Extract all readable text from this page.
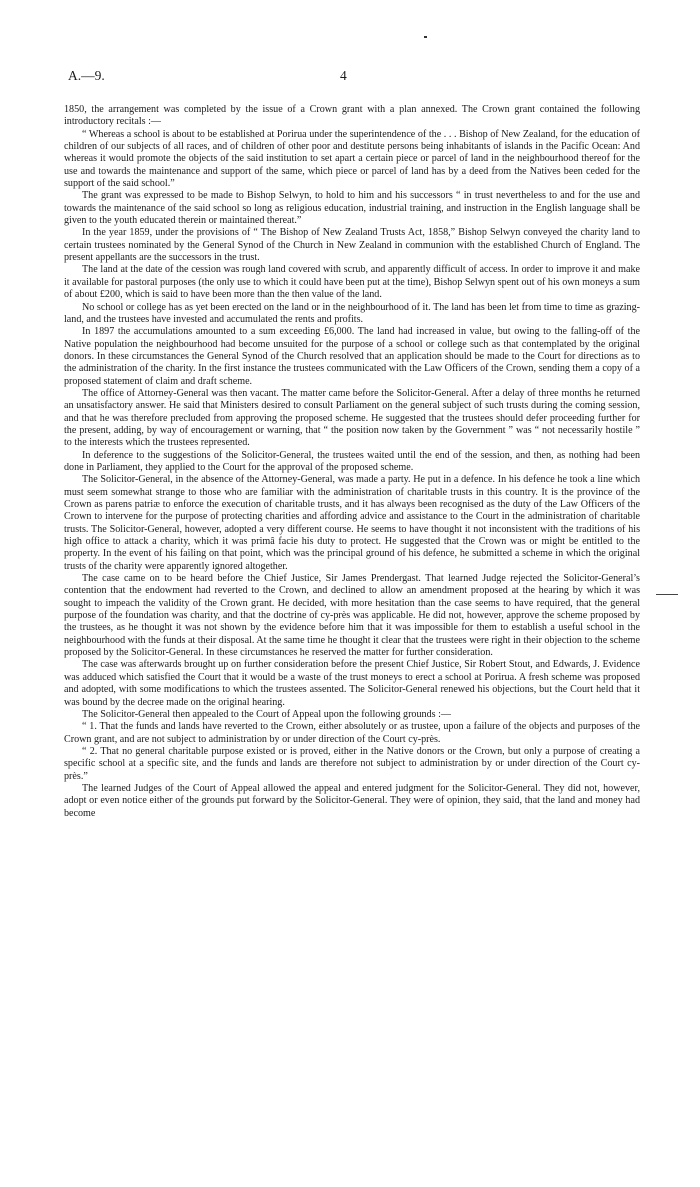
A.—9.	4

1850, the arrangement was completed by the issue of a Crown grant with a plan annexed. The Crown grant contained the following introductory recitals :—

“ Whereas a school is about to be established at Porirua under the superintendence of the . . . Bishop of New Zealand, for the education of children of our subjects of all races, and of children of other poor and destitute persons being inhabitants of islands in the Pacific Ocean: And whereas it would promote the objects of the said institution to set apart a certain piece or parcel of land in the neighbourhood thereof for the use and towards the maintenance and support of the same, which piece or parcel of land has by a deed from the Natives been ceded for the support of the said school.”

The grant was expressed to be made to Bishop Selwyn, to hold to him and his successors “ in trust nevertheless to and for the use and towards the maintenance of the said school so long as religious education, industrial training, and instruction in the English language shall be given to the youth educated therein or maintained thereat.”

In the year 1859, under the provisions of “ The Bishop of New Zealand Trusts Act, 1858,” Bishop Selwyn conveyed the charity land to certain trustees nominated by the General Synod of the Church in New Zealand in communion with the established Church of England. The present appellants are the successors in the trust.

The land at the date of the cession was rough land covered with scrub, and apparently difficult of access. In order to improve it and make it available for pastoral purposes (the only use to which it could have been put at the time), Bishop Selwyn spent out of his own moneys a sum of about £200, which is said to have been more than the then value of the land.

No school or college has as yet been erected on the land or in the neighbourhood of it. The land has been let from time to time as grazing-land, and the trustees have invested and accumulated the rents and profits.

In 1897 the accumulations amounted to a sum exceeding £6,000. The land had increased in value, but owing to the falling-off of the Native population the neighbourhood had become unsuited for the purpose of a school or college such as that contemplated by the original donors. In these circumstances the General Synod of the Church resolved that an application should be made to the Court for directions as to the administration of the charity. In the first instance the trustees communicated with the Law Officers of the Crown, sending them a copy of a proposed statement of claim and draft scheme.

The office of Attorney-General was then vacant. The matter came before the Solicitor-General. After a delay of three months he returned an unsatisfactory answer. He said that Ministers desired to consult Parliament on the general subject of such trusts during the coming session, and that he was therefore precluded from approving the proposed scheme. He suggested that the trustees should defer proceeding further for the present, adding, by way of encouragement or warning, that “ the position now taken by the Government ” was “ not necessarily hostile ” to the interests which the trustees represented.

In deference to the suggestions of the Solicitor-General, the trustees waited until the end of the session, and then, as nothing had been done in Parliament, they applied to the Court for the approval of the proposed scheme.

The Solicitor-General, in the absence of the Attorney-General, was made a party. He put in a defence. In his defence he took a line which must seem somewhat strange to those who are familiar with the administration of charitable trusts in this country. It is the province of the Crown as parens patriæ to enforce the execution of charitable trusts, and it has always been recognised as the duty of the Law Officers of the Crown to intervene for the purpose of protecting charities and affording advice and assistance to the Court in the administration of charitable trusts. The Solicitor-General, however, adopted a very different course. He seems to have thought it not inconsistent with the traditions of his high office to attack a charity, which it was primâ facie his duty to protect. He suggested that the Crown was or might be entitled to the property. In the event of his failing on that point, which was the principal ground of his defence, he submitted a scheme in which the original trusts of the charity were apparently ignored altogether.

The case came on to be heard before the Chief Justice, Sir James Prendergast. That learned Judge rejected the Solicitor-General’s contention that the endowment had reverted to the Crown, and declined to allow an amendment proposed at the hearing by which it was sought to impeach the validity of the Crown grant. He decided, with more hesitation than the case seems to have required, that the general purpose of the foundation was charity, and that the doctrine of cy-près was applicable. He did not, however, approve the scheme proposed by the trustees, as he thought it was not shown by the evidence before him that it was impossible for them to establish a useful school in the neighbourhood with the funds at their disposal. At the same time he thought it clear that the trustees were right in their objection to the scheme proposed by the Solicitor-General. In these circumstances he reserved the matter for further consideration.

The case was afterwards brought up on further consideration before the present Chief Justice, Sir Robert Stout, and Edwards, J. Evidence was adduced which satisfied the Court that it would be a waste of the trust moneys to erect a school at Porirua. A fresh scheme was proposed and adopted, with some modifications to which the trustees assented. The Solicitor-General renewed his objections, but the Court held that it was bound by the decree made on the original hearing.

The Solicitor-General then appealed to the Court of Appeal upon the following grounds :—

“ 1. That the funds and lands have reverted to the Crown, either absolutely or as trustee, upon a failure of the objects and purposes of the Crown grant, and are not subject to administration by or under direction of the Court cy-près.

“ 2. That no general charitable purpose existed or is proved, either in the Native donors or the Crown, but only a purpose of creating a specific school at a specific site, and the funds and lands are therefore not subject to administration by or under direction of the Court cy-près.”

The learned Judges of the Court of Appeal allowed the appeal and entered judgment for the Solicitor-General. They did not, however, adopt or even notice either of the grounds put forward by the Solicitor-General. They were of opinion, they said, that the land and money had become
